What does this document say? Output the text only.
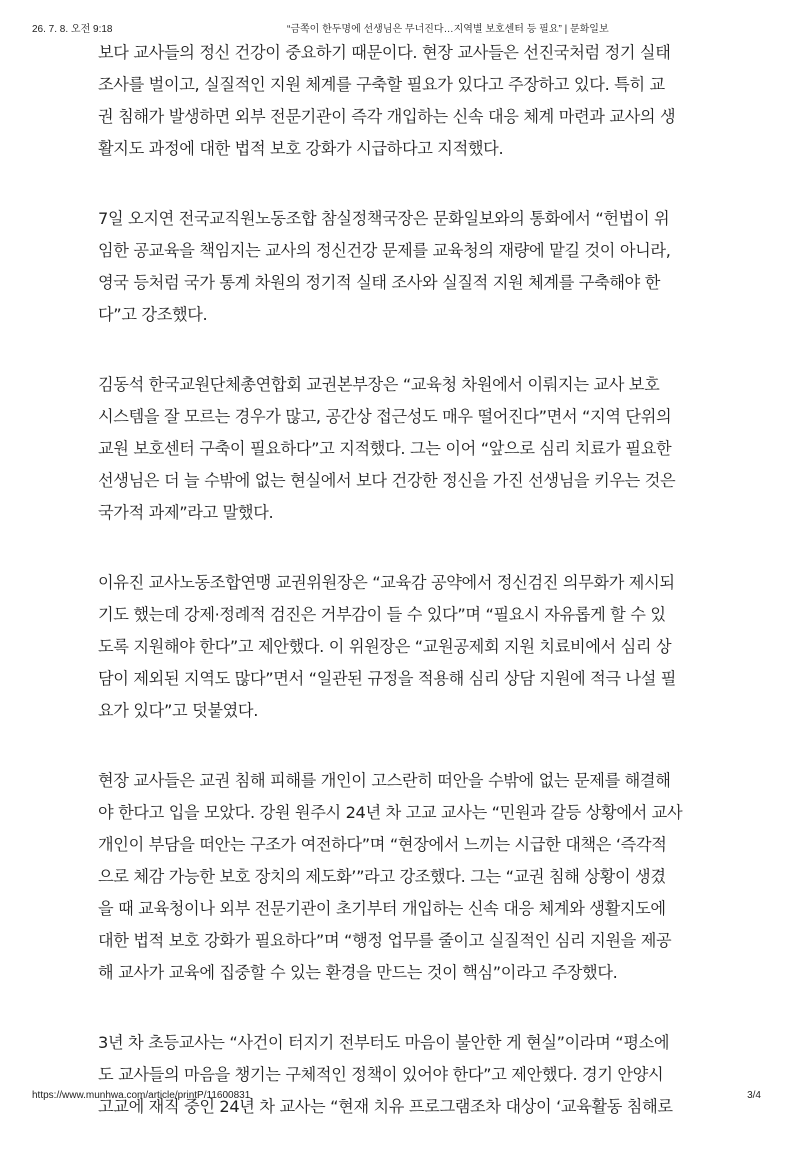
26. 7. 8. 오전 9:18	“금쪽이 한두명에 선생님은 무너진다…지역별 보호센터 등 필요” | 문화일보

보다 교사들의 정신 건강이 중요하기 때문이다. 현장 교사들은 선진국처럼 정기 실태
조사를 벌이고, 실질적인 지원 체계를 구축할 필요가 있다고 주장하고 있다. 특히 교
권 침해가 발생하면 외부 전문기관이 즉각 개입하는 신속 대응 체계 마련과 교사의 생
활지도 과정에 대한 법적 보호 강화가 시급하다고 지적했다.

7일 오지연 전국교직원노동조합 참실정책국장은 문화일보와의 통화에서 “헌법이 위
임한 공교육을 책임지는 교사의 정신건강 문제를 교육청의 재량에 맡길 것이 아니라,
영국 등처럼 국가 통계 차원의 정기적 실태 조사와 실질적 지원 체계를 구축해야 한
다”고 강조했다.

김동석 한국교원단체총연합회 교권본부장은 “교육청 차원에서 이뤄지는 교사 보호
시스템을 잘 모르는 경우가 많고, 공간상 접근성도 매우 떨어진다”면서 “지역 단위의
교원 보호센터 구축이 필요하다”고 지적했다. 그는 이어 “앞으로 심리 치료가 필요한
선생님은 더 늘 수밖에 없는 현실에서 보다 건강한 정신을 가진 선생님을 키우는 것은
국가적 과제”라고 말했다.

이유진 교사노동조합연맹 교권위원장은 “교육감 공약에서 정신검진 의무화가 제시되
기도 했는데 강제·정례적 검진은 거부감이 들 수 있다”며 “필요시 자유롭게 할 수 있
도록 지원해야 한다”고 제안했다. 이 위원장은 “교원공제회 지원 치료비에서 심리 상
담이 제외된 지역도 많다”면서 “일관된 규정을 적용해 심리 상담 지원에 적극 나설 필
요가 있다”고 덧붙였다.

현장 교사들은 교권 침해 피해를 개인이 고스란히 떠안을 수밖에 없는 문제를 해결해
야 한다고 입을 모았다. 강원 원주시 24년 차 고교 교사는 “민원과 갈등 상황에서 교사
개인이 부담을 떠안는 구조가 여전하다”며 “현장에서 느끼는 시급한 대책은 ‘즉각적
으로 체감 가능한 보호 장치의 제도화’”라고 강조했다. 그는 “교권 침해 상황이 생겼
을 때 교육청이나 외부 전문기관이 초기부터 개입하는 신속 대응 체계와 생활지도에
대한 법적 보호 강화가 필요하다”며 “행정 업무를 줄이고 실질적인 심리 지원을 제공
해 교사가 교육에 집중할 수 있는 환경을 만드는 것이 핵심”이라고 주장했다.

3년 차 초등교사는 “사건이 터지기 전부터도 마음이 불안한 게 현실”이라며 “평소에
도 교사들의 마음을 챙기는 구체적인 정책이 있어야 한다”고 제안했다. 경기 안양시
고교에 재직 중인 24년 차 교사는 “현재 치유 프로그램조차 대상이 ‘교육활동 침해로

https://www.munhwa.com/article/printP/11600831	3/4
